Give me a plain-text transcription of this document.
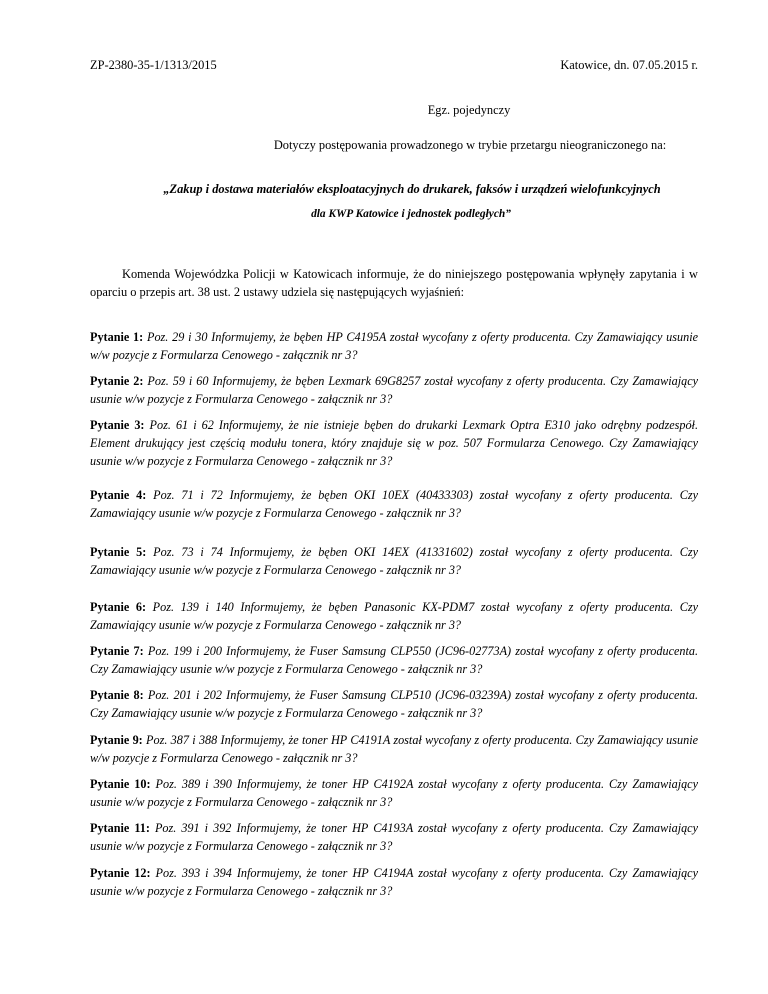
ZP-2380-35-1/1313/2015	Katowice, dn. 07.05.2015 r.
Egz. pojedynczy
Dotyczy postępowania prowadzonego w trybie przetargu nieograniczonego na:
„Zakup i dostawa materiałów eksploatacyjnych do drukarek, faksów i urządzeń wielofunkcyjnych
dla KWP Katowice i jednostek podległych”
Komenda Wojewódzka Policji w Katowicach informuje, że do niniejszego postępowania wpłynęły zapytania i w oparciu o przepis art. 38 ust. 2 ustawy udziela się następujących wyjaśnień:
Pytanie 1: Poz. 29 i 30 Informujemy, że bęben HP C4195A został wycofany z oferty producenta. Czy Zamawiający usunie w/w pozycje z Formularza Cenowego - załącznik nr 3?
Pytanie 2: Poz. 59 i 60 Informujemy, że bęben Lexmark 69G8257 został wycofany z oferty producenta. Czy Zamawiający usunie w/w pozycje z Formularza Cenowego - załącznik nr 3?
Pytanie 3: Poz. 61 i 62 Informujemy, że nie istnieje bęben do drukarki Lexmark Optra E310 jako odrębny podzespół. Element drukujący jest częścią modułu tonera, który znajduje się w poz. 507 Formularza Cenowego. Czy Zamawiający usunie w/w pozycje z Formularza Cenowego - załącznik nr 3?
Pytanie 4: Poz. 71 i 72 Informujemy, że bęben OKI 10EX (40433303) został wycofany z oferty producenta. Czy Zamawiający usunie w/w pozycje z Formularza Cenowego - załącznik nr 3?
Pytanie 5: Poz. 73 i 74 Informujemy, że bęben OKI 14EX (41331602) został wycofany z oferty producenta. Czy Zamawiający usunie w/w pozycje z Formularza Cenowego - załącznik nr 3?
Pytanie 6: Poz. 139 i 140 Informujemy, że bęben Panasonic KX-PDM7 został wycofany z oferty producenta. Czy Zamawiający usunie w/w pozycje z Formularza Cenowego - załącznik nr 3?
Pytanie 7: Poz. 199 i 200 Informujemy, że Fuser Samsung CLP550 (JC96-02773A) został wycofany z oferty producenta. Czy Zamawiający usunie w/w pozycje z Formularza Cenowego - załącznik nr 3?
Pytanie 8: Poz. 201 i 202 Informujemy, że Fuser Samsung CLP510 (JC96-03239A) został wycofany z oferty producenta. Czy Zamawiający usunie w/w pozycje z Formularza Cenowego - załącznik nr 3?
Pytanie 9: Poz. 387 i 388 Informujemy, że toner HP C4191A został wycofany z oferty producenta. Czy Zamawiający usunie w/w pozycje z Formularza Cenowego - załącznik nr 3?
Pytanie 10: Poz. 389 i 390 Informujemy, że toner HP C4192A został wycofany z oferty producenta. Czy Zamawiający usunie w/w pozycje z Formularza Cenowego - załącznik nr 3?
Pytanie 11: Poz. 391 i 392 Informujemy, że toner HP C4193A został wycofany z oferty producenta. Czy Zamawiający usunie w/w pozycje z Formularza Cenowego - załącznik nr 3?
Pytanie 12: Poz. 393 i 394 Informujemy, że toner HP C4194A został wycofany z oferty producenta. Czy Zamawiający usunie w/w pozycje z Formularza Cenowego - załącznik nr 3?
